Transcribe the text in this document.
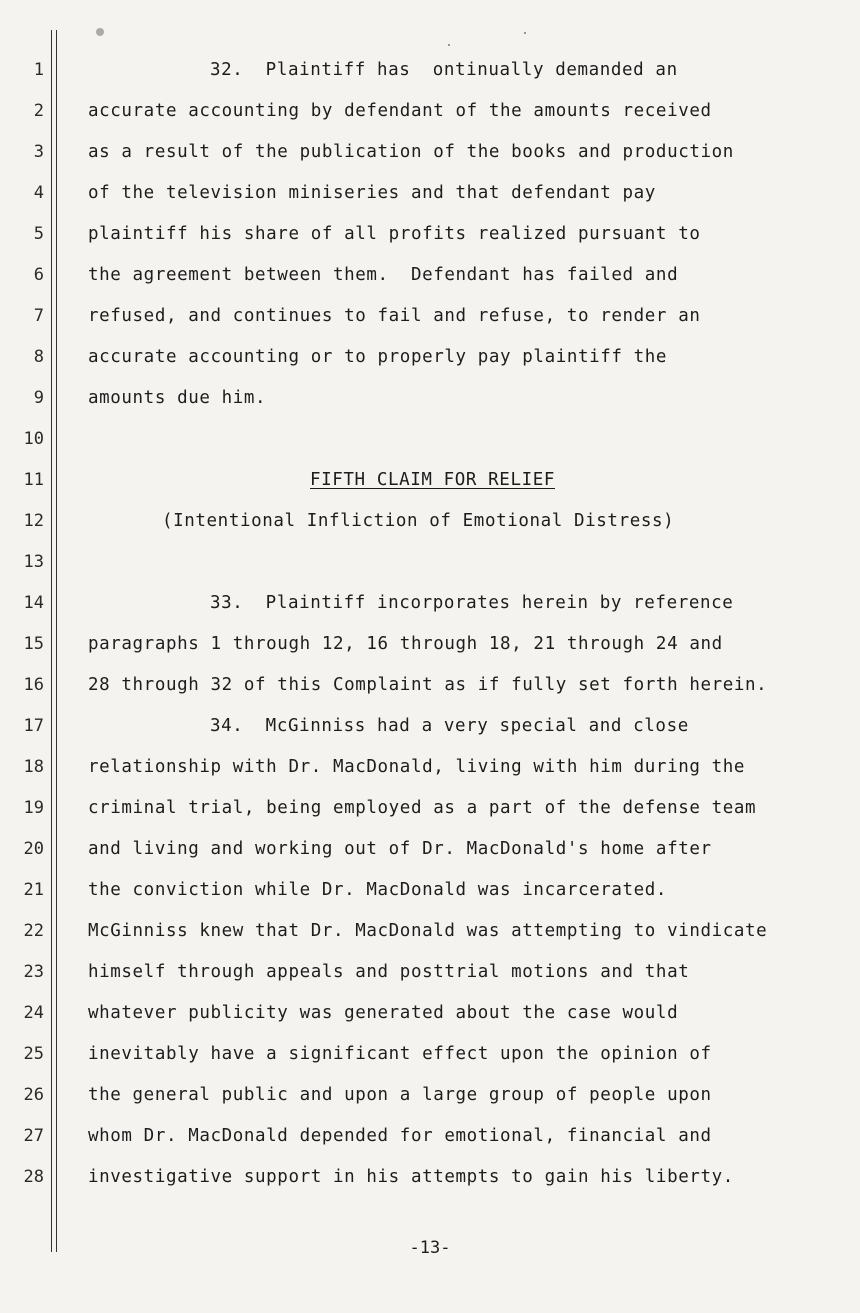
1
2
3
4
5
6
7
8
9
10
11
12
13
14
15
16
17
18
19
20
21
22
23
24
25
26
27
28
32.  Plaintiff has  ontinually demanded an
accurate accounting by defendant of the amounts received
as a result of the publication of the books and production
of the television miniseries and that defendant pay
plaintiff his share of all profits realized pursuant to
the agreement between them.  Defendant has failed and
refused, and continues to fail and refuse, to render an
accurate accounting or to properly pay plaintiff the
amounts due him.
FIFTH CLAIM FOR RELIEF
(Intentional Infliction of Emotional Distress)
33.  Plaintiff incorporates herein by reference
paragraphs 1 through 12, 16 through 18, 21 through 24 and
28 through 32 of this Complaint as if fully set forth herein.
34.  McGinniss had a very special and close
relationship with Dr. MacDonald, living with him during the
criminal trial, being employed as a part of the defense team
and living and working out of Dr. MacDonald's home after
the conviction while Dr. MacDonald was incarcerated.
McGinniss knew that Dr. MacDonald was attempting to vindicate
himself through appeals and posttrial motions and that
whatever publicity was generated about the case would
inevitably have a significant effect upon the opinion of
the general public and upon a large group of people upon
whom Dr. MacDonald depended for emotional, financial and
investigative support in his attempts to gain his liberty.
-13-
